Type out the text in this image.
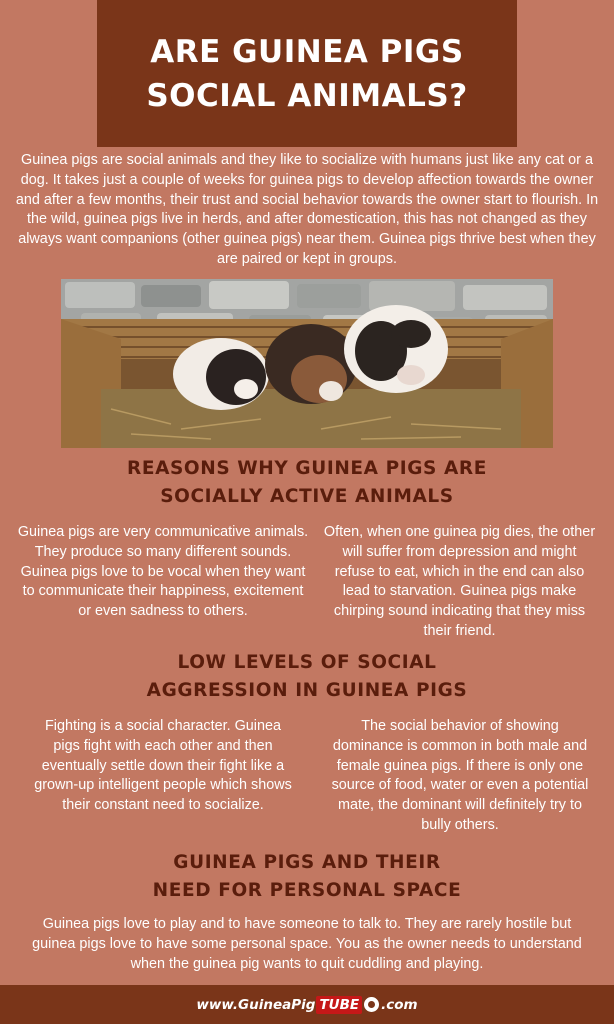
ARE GUINEA PIGS
SOCIAL ANIMALS?
Guinea pigs are social animals and they like to socialize with humans just like any cat or a dog. It takes just a couple of weeks for guinea pigs to develop affection towards the owner and after a few months, their trust and social behavior towards the owner start to flourish. In the wild, guinea pigs live in herds, and after domestication, this has not changed as they always want companions (other guinea pigs) near them. Guinea pigs thrive best when they are paired or kept in groups.
REASONS WHY GUINEA PIGS ARE
SOCIALLY ACTIVE ANIMALS
Guinea pigs are very communicative animals. They produce so many different sounds. Guinea pigs love to be vocal when they want to communicate their happiness, excitement or even sadness to others.
Often, when one guinea pig dies, the other will suffer from depression and might refuse to eat, which in the end can also lead to starvation. Guinea pigs make chirping sound indicating that they miss their friend.
LOW LEVELS OF SOCIAL
AGGRESSION IN GUINEA PIGS
Fighting is a social character. Guinea pigs fight with each other and then eventually settle down their fight like a grown-up intelligent people which shows their constant need to socialize.
The social behavior of showing dominance is common in both male and female guinea pigs. If there is only one source of food, water or even a potential mate, the dominant will definitely try to bully others.
GUINEA PIGS AND THEIR
NEED FOR PERSONAL SPACE
Guinea pigs love to play and to have someone to talk to. They are rarely hostile but guinea pigs love to have some personal space. You as the owner needs to understand when the guinea pig wants to quit cuddling and playing.
www.GuineaPig TUBE .com
